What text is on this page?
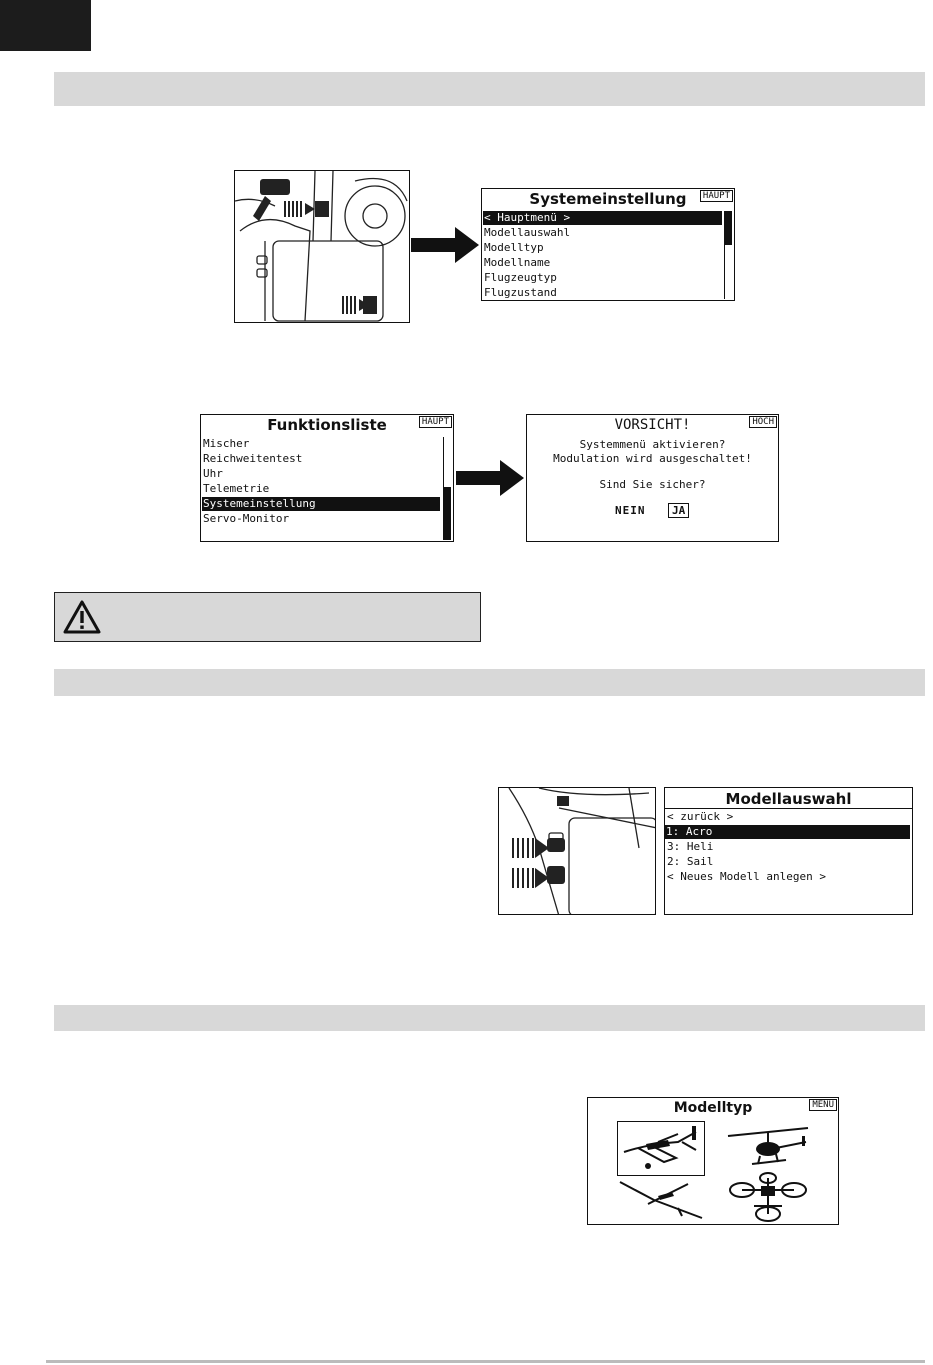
Systemeinstellung	HAUPT
< Hauptmenü >
Modellauswahl
Modelltyp
Modellname
Flugzeugtyp
Flugzustand
Funktionsliste	HAUPT
Mischer
Reichweitentest
Uhr
Telemetrie
Systemeinstellung
Servo-Monitor
VORSICHT!	HOCH
Systemmenü aktivieren?
Modulation wird ausgeschaltet!
Sind Sie sicher?
NEIN	JA
Modellauswahl
< zurück >
1: Acro
3: Heli
2: Sail
< Neues Modell anlegen >
Modelltyp	MENU
